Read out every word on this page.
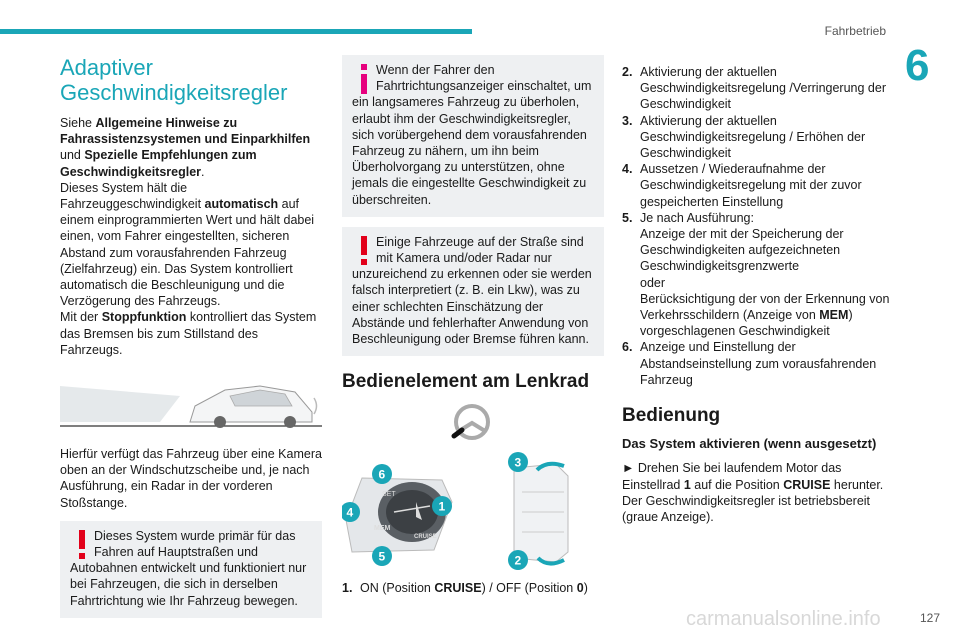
Fahrbetrieb
6
Adaptiver
Geschwindigkeitsregler

Siehe Allgemeine Hinweise zu Fahrassistenzsystemen und Einparkhilfen und Spezielle Empfehlungen zum Geschwindigkeitsregler.
Dieses System hält die Fahrzeuggeschwindigkeit automatisch auf einem einprogrammierten Wert und hält dabei einen, vom Fahrer eingestellten, sicheren Abstand zum vorausfahrenden Fahrzeug (Zielfahrzeug) ein. Das System kontrolliert automatisch die Beschleunigung und die Verzögerung des Fahrzeugs.
Mit der Stoppfunktion kontrolliert das System das Bremsen bis zum Stillstand des Fahrzeugs.

Hierfür verfügt das Fahrzeug über eine Kamera oben an der Windschutzscheibe und, je nach Ausführung, ein Radar in der vorderen Stoßstange.

Dieses System wurde primär für das Fahren auf Hauptstraßen und

Autobahnen entwickelt und funktioniert nur bei Fahrzeugen, die sich in derselben Fahrtrichtung wie Ihr Fahrzeug bewegen.

Wenn der Fahrer den Fahrtrichtungsanzeiger einschaltet, um

ein langsameres Fahrzeug zu überholen, erlaubt ihm der Geschwindigkeitsregler, sich vorübergehend dem vorausfahrenden Fahrzeug zu nähern, um ihn beim Überholvorgang zu unterstützen, ohne jemals die eingestellte Geschwindigkeit zu überschreiten.

Einige Fahrzeuge auf der Straße sind mit Kamera und/oder Radar nur

unzureichend zu erkennen oder sie werden falsch interpretiert (z. B. ein Lkw), was zu einer schlechten Einschätzung der Abstände und fehlerhafter Anwendung von Beschleunigung oder Bremse führen kann.

Bedienelement am Lenkrad
SET
MEM
CRUISE
1
4
5
6
3
2
1. ON (Position CRUISE) / OFF (Position 0)
2. Aktivierung der aktuellen Geschwindigkeitsregelung /Verringerung der Geschwindigkeit
3. Aktivierung der aktuellen Geschwindigkeitsregelung / Erhöhen der Geschwindigkeit
4. Aussetzen / Wiederaufnahme der Geschwindigkeitsregelung mit der zuvor gespeicherten Einstellung
5. Je nach Ausführung:
Anzeige der mit der Speicherung der Geschwindigkeiten aufgezeichneten Geschwindigkeitsgrenzwerte
oder
Berücksichtigung der von der Erkennung von Verkehrsschildern (Anzeige von MEM) vorgeschlagenen Geschwindigkeit
6. Anzeige und Einstellung der Abstandseinstellung zum vorausfahrenden Fahrzeug
Bedienung
Das System aktivieren (wenn ausgesetzt)

► Drehen Sie bei laufendem Motor das Einstellrad 1 auf die Position CRUISE herunter. Der Geschwindigkeitsregler ist betriebsbereit (graue Anzeige).

carmanualsonline.info	127
